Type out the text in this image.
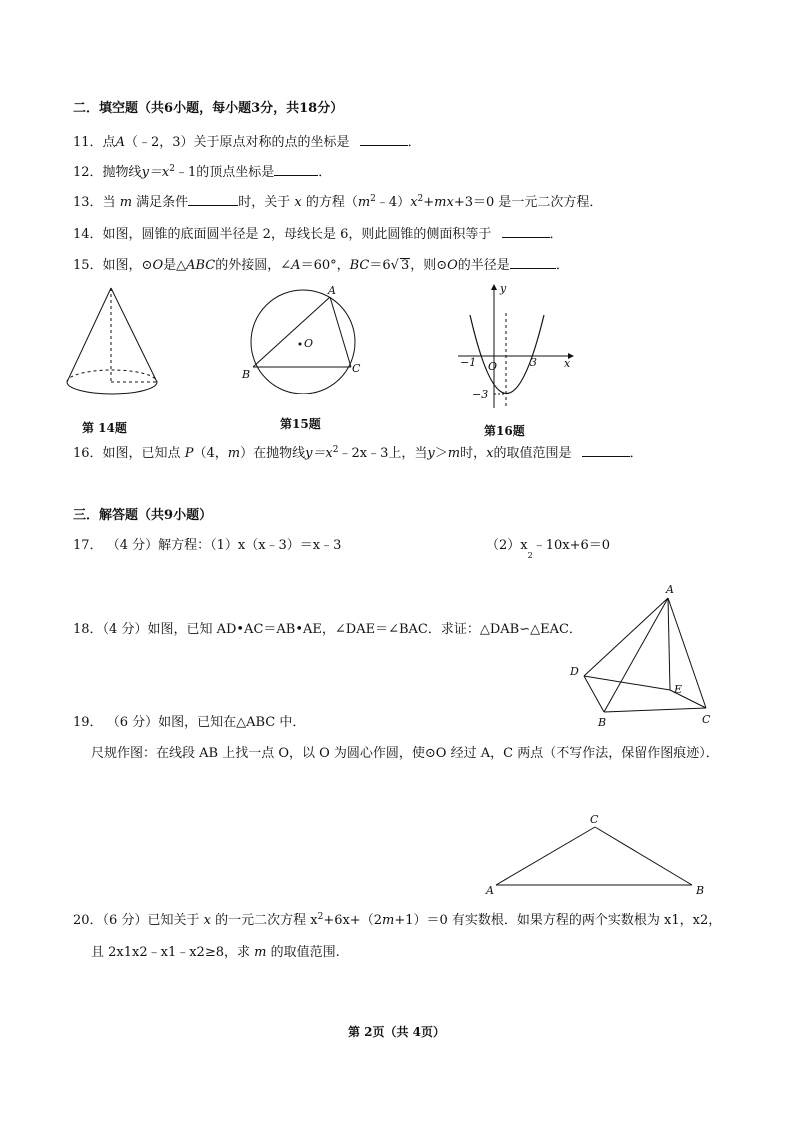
二．填空题（共6小题，每小题3分，共18分）
11．点A（﹣2，3）关于原点对称的点的坐标是	．
12．抛物线$y=x^2﹣1$的顶点坐标是	．
13．当 m 满足条件	时，关于 x 的方程$(m^2﹣4)x^2+mx+3=0$ 是一元二次方程．
14．如图，圆锥的底面圆半径是 2，母线长是 6，则此圆锥的侧面积等于	．
15．如图，⊙O是△ABC的外接圆，∠A＝60°，BC＝6√ 3，则⊙O的半径是	．
第 14题
O
A
B	C
第15题
y
x
O
−1	3
−3
第16题
16．如图，已知点 P（4，m）在抛物线$y=x^2﹣2x﹣3$上，当y＞m时，x的取值范围是	．
三．解答题（共9小题）
17． （4 分）解方程：（1）x（x﹣3）＝x﹣3	$(2)x_2﹣10x+6=0$
18．（4 分）如图，已知 AD•AC＝AB•AE，∠DAE＝∠BAC．求证：△DAB∽△EAC．
A
D
E
B	C
19． （6 分）如图，已知在△ABC 中．
尺规作图：在线段 AB 上找一点 O，以 O 为圆心作圆，使⊙O 经过 A，C 两点（不写作法，保留作图痕迹）．
C
A	B
20．（6 分）已知关于 x 的一元二次方程 $x^2+6x+(2m+1)=0$ 有实数根．如果方程的两个实数根为 x1，x2，
且 2x1x2﹣x1﹣x2≥8，求 m 的取值范围.
第 2页（共 4页）
